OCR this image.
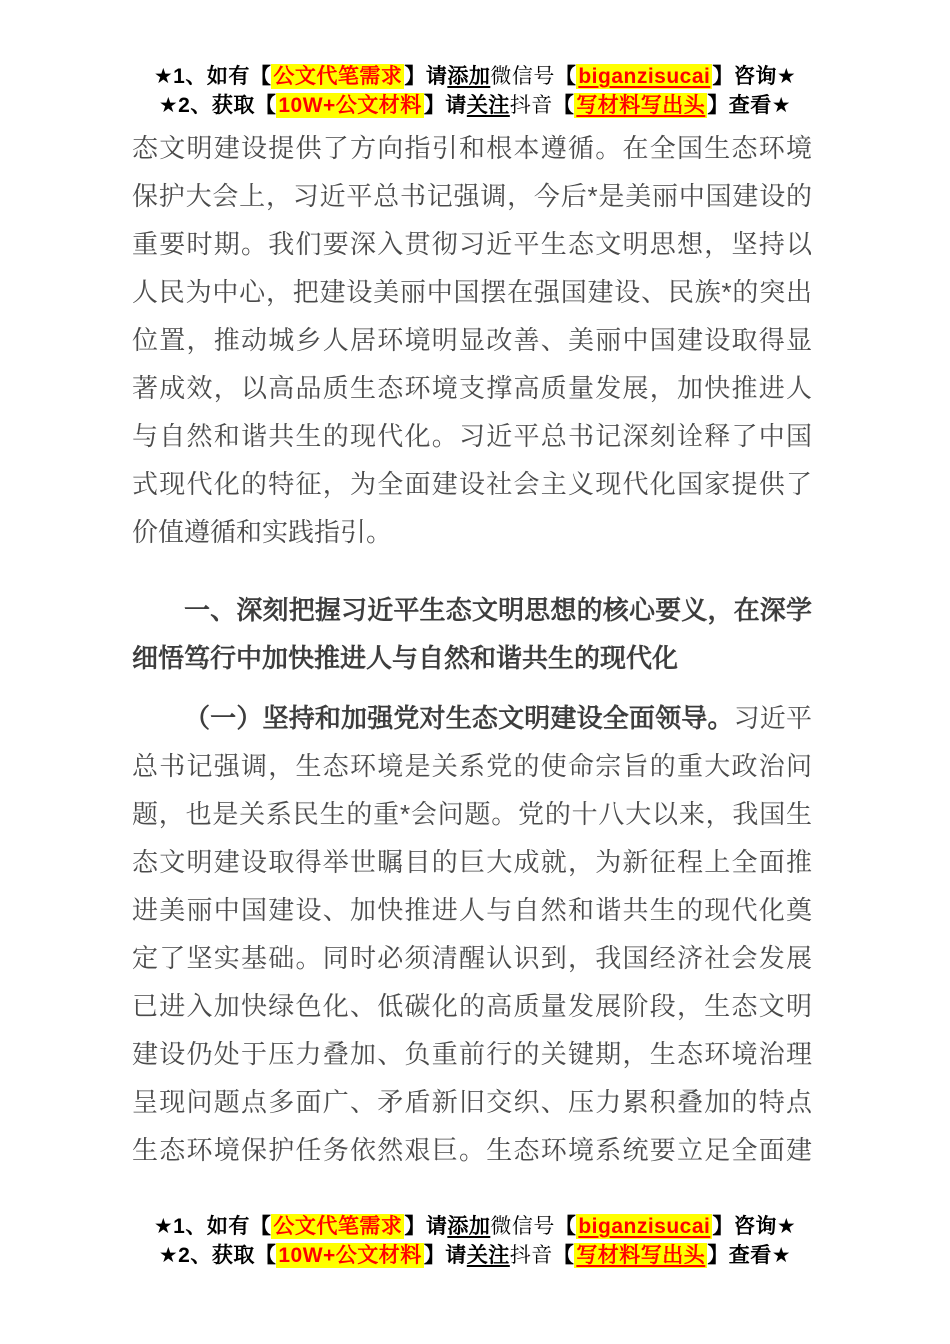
★1、如有【公文代笔需求】请添加微信号【biganzisucai】咨询★
★2、获取【10W+公文材料】请关注抖音【写材料写出头】查看★
态文明建设提供了方向指引和根本遵循。在全国生态环境
保护大会上，习近平总书记强调，今后*是美丽中国建设的
重要时期。我们要深入贯彻习近平生态文明思想，坚持以
人民为中心，把建设美丽中国摆在强国建设、民族*的突出
位置，推动城乡人居环境明显改善、美丽中国建设取得显
著成效，以高品质生态环境支撑高质量发展，加快推进人
与自然和谐共生的现代化。习近平总书记深刻诠释了中国
式现代化的特征，为全面建设社会主义现代化国家提供了
价值遵循和实践指引。
一、深刻把握习近平生态文明思想的核心要义，在深学
细悟笃行中加快推进人与自然和谐共生的现代化
（一）坚持和加强党对生态文明建设全面领导。习近平
总书记强调，生态环境是关系党的使命宗旨的重大政治问
题，也是关系民生的重*会问题。党的十八大以来，我国生
态文明建设取得举世瞩目的巨大成就，为新征程上全面推
进美丽中国建设、加快推进人与自然和谐共生的现代化奠
定了坚实基础。同时必须清醒认识到，我国经济社会发展
已进入加快绿色化、低碳化的高质量发展阶段，生态文明
建设仍处于压力叠加、负重前行的关键期，生态环境治理
呈现问题点多面广、矛盾新旧交织、压力累积叠加的特点
生态环境保护任务依然艰巨。生态环境系统要立足全面建
★1、如有【公文代笔需求】请添加微信号【biganzisucai】咨询★
★2、获取【10W+公文材料】请关注抖音【写材料写出头】查看★
